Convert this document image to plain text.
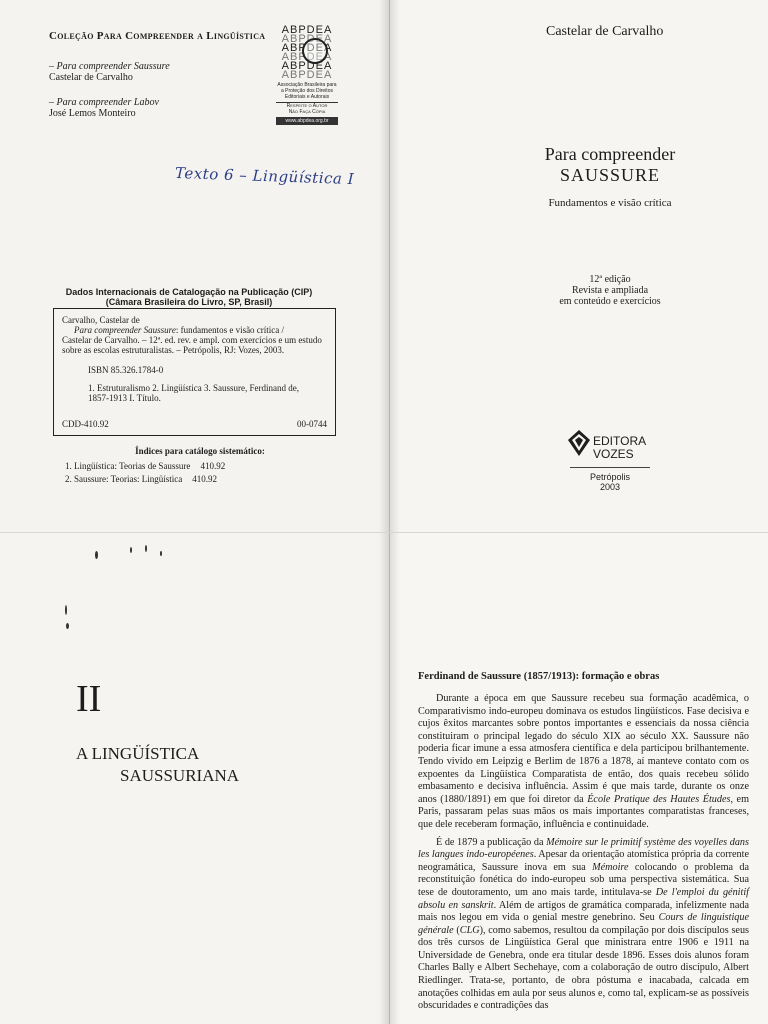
Coleção Para Compreender a Lingüística
– Para compreender Saussure
Castelar de Carvalho
– Para compreender Labov
José Lemos Monteiro
ABPDEA
ABPDEA
ABPDEA
ABPDEA
ABPDEA
ABPDEA
Associação Brasileira para
a Proteção dos Direitos
Editoriais e Autorais
Respeite o Autor
Não Faça Cópia
www.abpdea.org.br
Texto 6 – Lingüística I
Dados Internacionais de Catalogação na Publicação (CIP)
(Câmara Brasileira do Livro, SP, Brasil)
Carvalho, Castelar de
Para compreender Saussure: fundamentos e visão crítica /
Castelar de Carvalho. – 12ª. ed. rev. e ampl. com exercícios e um estudo
sobre as escolas estruturalistas. – Petrópolis, RJ: Vozes, 2003.
ISBN 85.326.1784-0
1. Estruturalismo 2. Lingüística 3. Saussure, Ferdinand de,
1857-1913 I. Título.
CDD-410.92	00-0744
Índices para catálogo sistemático:
1. Lingüística: Teorias de Saussure 410.92
2. Saussure: Teorias: Lingüística 410.92
Castelar de Carvalho
Para compreender
SAUSSURE
Fundamentos e visão crítica
12ª edição
Revista e ampliada
em conteúdo e exercícios
EDITORA
VOZES
Petrópolis
2003
II
A LINGÜÍSTICA
SAUSSURIANA
Ferdinand de Saussure (1857/1913): formação e obras

Durante a época em que Saussure recebeu sua formação acadêmica, o Comparativismo indo-europeu dominava os estudos lingüísticos. Fase decisiva e cujos êxitos marcantes sobre pontos importantes e essenciais da nossa ciência constituiram o principal legado do século XIX ao século XX. Saussure não poderia ficar imune a essa atmosfera científica e dela participou brilhantemente. Tendo vivido em Leipzig e Berlim de 1876 a 1878, aí manteve contato com os expoentes da Lingüística Comparatista de então, dos quais recebeu sólido embasamento e decisiva influência. Assim é que mais tarde, durante os onze anos (1880/1891) em que foi diretor da École Pratique des Hautes Études, em Paris, passaram pelas suas mãos os mais importantes comparatistas franceses, que dele receberam formação, influência e continuidade.

É de 1879 a publicação da Mémoire sur le primitif système des voyelles dans les langues indo-européenes. Apesar da orientação atomística própria da corrente neogramática, Saussure inova em sua Mémoire colocando o problema da reconstituição fonética do indo-europeu sob uma perspectiva sistemática. Sua tese de doutoramento, um ano mais tarde, intitulava-se De l'emploi du génitif absolu en sanskrit. Além de artigos de gramática comparada, infelizmente nada mais nos legou em vida o genial mestre genebrino. Seu Cours de linguistique générale (CLG), como sabemos, resultou da compilação por dois discípulos seus dos três cursos de Lingüística Geral que ministrara entre 1906 e 1911 na Universidade de Genebra, onde era titular desde 1896. Esses dois alunos foram Charles Bally e Albert Sechehaye, com a colaboração de outro discípulo, Albert Riedlinger. Trata-se, portanto, de obra póstuma e inacabada, calcada em anotações colhidas em aula por seus alunos e, como tal, explicam-se as possíveis obscuridades e contradições das
